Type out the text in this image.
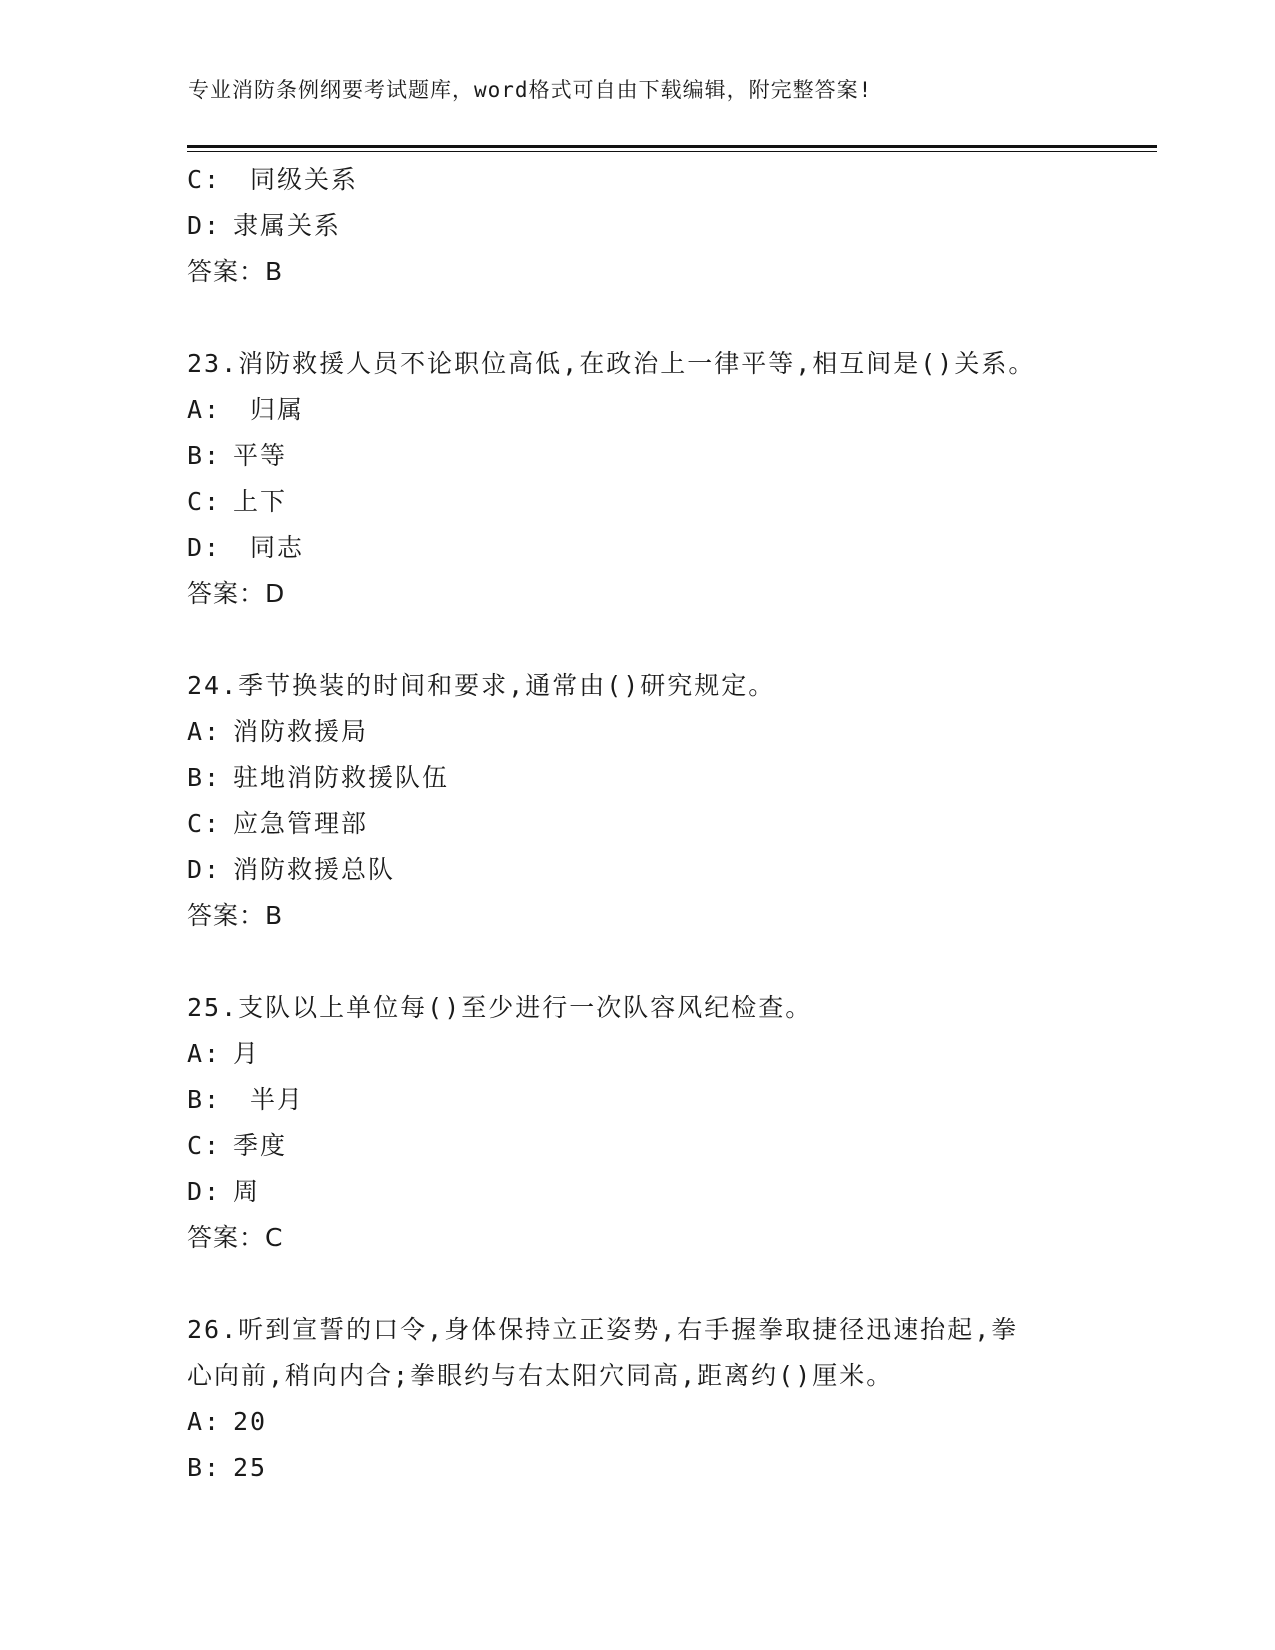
专业消防条例纲要考试题库，word格式可自由下载编辑，附完整答案!
C: 同级关系
D: 隶属关系
答案：B
23.消防救援人员不论职位高低,在政治上一律平等,相互间是()关系。
A: 归属
B: 平等
C: 上下
D: 同志
答案：D
24.季节换装的时间和要求,通常由()研究规定。
A: 消防救援局
B: 驻地消防救援队伍
C: 应急管理部
D: 消防救援总队
答案：B
25.支队以上单位每()至少进行一次队容风纪检查。
A: 月
B: 半月
C: 季度
D: 周
答案：C
26.听到宣誓的口令,身体保持立正姿势,右手握拳取捷径迅速抬起,拳
心向前,稍向内合;拳眼约与右太阳穴同高,距离约()厘米。
A: 20
B: 25
